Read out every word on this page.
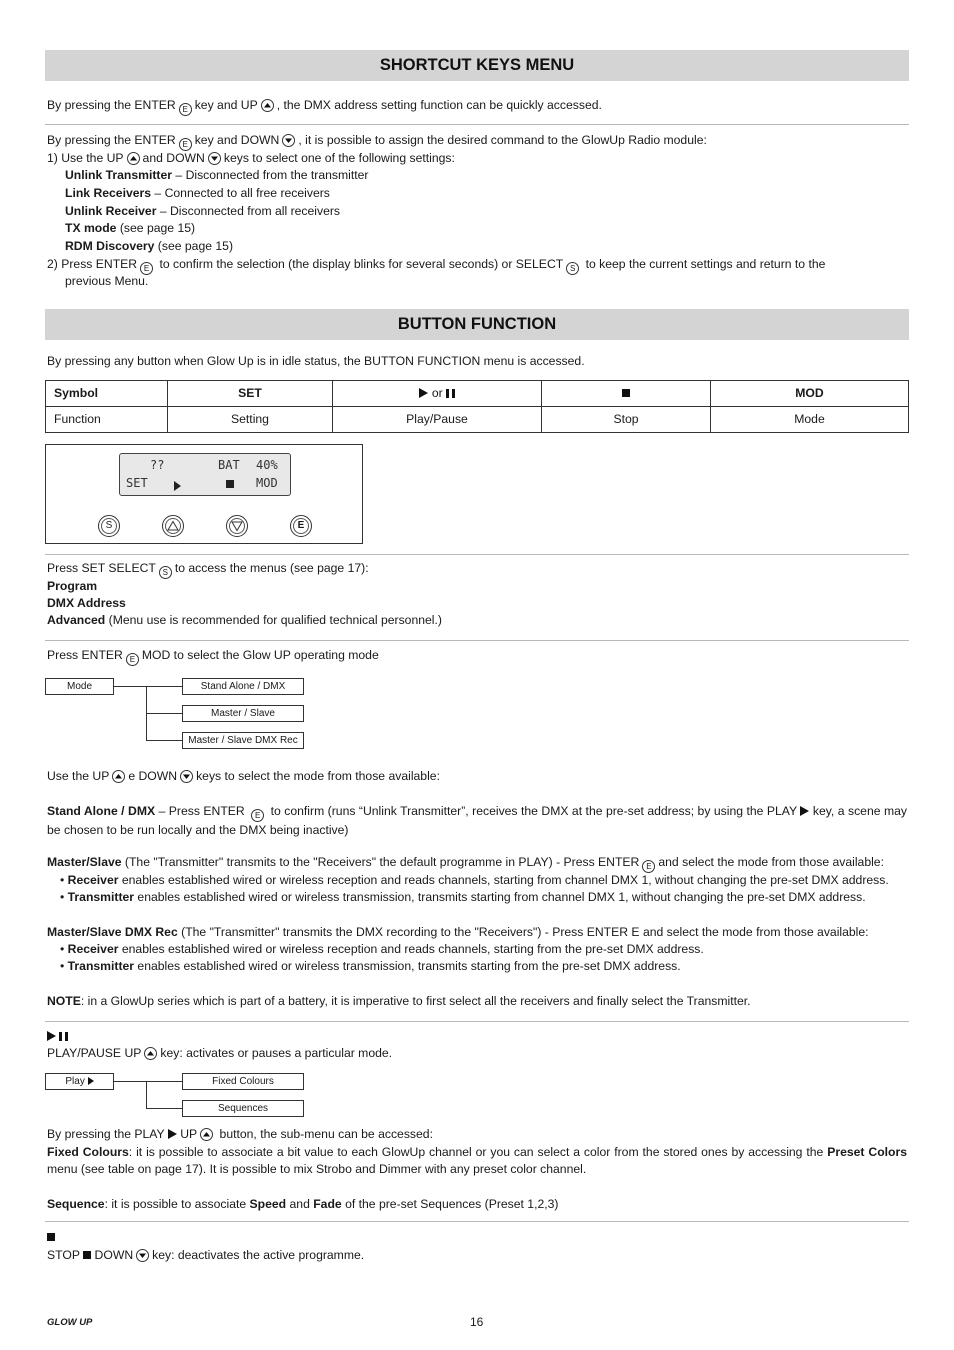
SHORTCUT KEYS MENU
By pressing the ENTER E key and UP , the DMX address setting function can be quickly accessed.
By pressing the ENTER E key and DOWN , it is possible to assign the desired command to the GlowUp Radio module:
1) Use the UP and DOWN keys to select one of the following settings:
Unlink Transmitter – Disconnected from the transmitter
Link Receivers – Connected to all free receivers
Unlink Receiver – Disconnected from all receivers
TX mode (see page 15)
RDM Discovery (see page 15)
2) Press ENTER E to confirm the selection (the display blinks for several seconds) or SELECT S to keep the current settings and return to the
previous Menu.
BUTTON FUNCTION
By pressing any button when Glow Up is in idle status, the BUTTON FUNCTION menu is accessed.
Symbol	SET	or		MOD
Function	Setting	Play/Pause	Stop	Mode
??	BAT 40%
SET	MOD
S	E
Press SET SELECT S to access the menus (see page 17):
Program
DMX Address
Advanced (Menu use is recommended for qualified technical personnel.)
Press ENTER E MOD to select the Glow UP operating mode
Mode	Stand Alone / DMX
Master / Slave
Master / Slave DMX Rec
Use the UP e DOWN keys to select the mode from those available:
Stand Alone / DMX – Press ENTER E to confirm (runs “Unlink Transmitter”, receives the DMX at the pre-set address; by using the PLAY  key, a scene may be chosen to be run locally and the DMX being inactive)
Master/Slave (The "Transmitter" transmits to the "Receivers" the default programme in PLAY) - Press ENTER E and select the mode from those available:
• Receiver enables established wired or wireless reception and reads channels, starting from channel DMX 1, without changing the pre-set DMX address.
• Transmitter enables established wired or wireless transmission, transmits starting from channel DMX 1, without changing the pre-set DMX address.
Master/Slave DMX Rec (The "Transmitter" transmits the DMX recording to the "Receivers") - Press ENTER E and select the mode from those available:
• Receiver enables established wired or wireless reception and reads channels, starting from the pre-set DMX address.
• Transmitter enables established wired or wireless transmission, transmits starting from the pre-set DMX address.
NOTE: in a GlowUp series which is part of a battery, it is imperative to first select all the receivers and finally select the Transmitter.

PLAY/PAUSE UP key: activates or pauses a particular mode.
Play	Fixed Colours
Sequences
By pressing the PLAY UP button, the sub-menu can be accessed:
Fixed Colours: it is possible to associate a bit value to each GlowUp channel or you can select a color from the stored ones by accessing the Preset Colors menu (see table on page 17). It is possible to mix Strobo and Dimmer with any preset color channel.
Sequence: it is possible to associate Speed and Fade of the pre-set Sequences (Preset 1,2,3)
STOP DOWN key: deactivates the active programme.
GLOW UP	16
